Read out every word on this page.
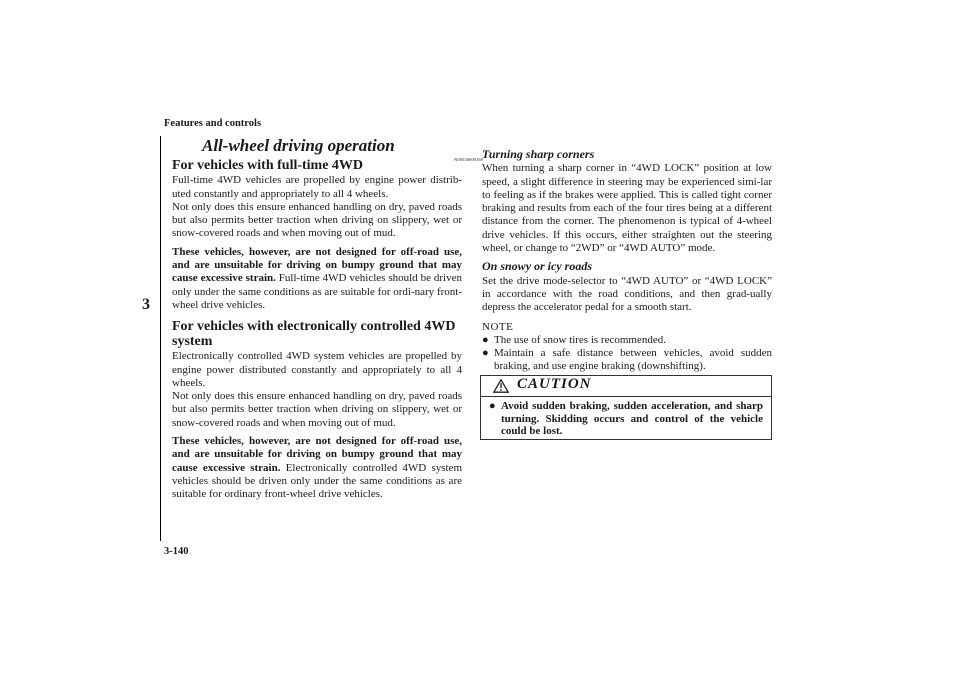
Features and controls
3
3-140

All-wheel driving operation
N00530600169

For vehicles with full-time 4WD

Full-time 4WD vehicles are propelled by engine power distrib-uted constantly and appropriately to all 4 wheels.

Not only does this ensure enhanced handling on dry, paved roads but also permits better traction when driving on slippery, wet or snow-covered roads and when moving out of mud.

These vehicles, however, are not designed for off-road use, and are unsuitable for driving on bumpy ground that may cause excessive strain. Full-time 4WD vehicles should be driven only under the same conditions as are suitable for ordi-nary front-wheel drive vehicles.

For vehicles with electronically controlled 4WD system

Electronically controlled 4WD system vehicles are propelled by engine power distributed constantly and appropriately to all 4 wheels.

Not only does this ensure enhanced handling on dry, paved roads but also permits better traction when driving on slippery, wet or snow-covered roads and when moving out of mud.

These vehicles, however, are not designed for off-road use, and are unsuitable for driving on bumpy ground that may cause excessive strain. Electronically controlled 4WD system vehicles should be driven only under the same conditions as are suitable for ordinary front-wheel drive vehicles.

Turning sharp corners

When turning a sharp corner in “4WD LOCK” position at low speed, a slight difference in steering may be experienced simi-lar to feeling as if the brakes were applied. This is called tight corner braking and results from each of the four tires being at a different distance from the corner. The phenomenon is typical of 4-wheel drive vehicles. If this occurs, either straighten out the steering wheel, or change to “2WD” or “4WD AUTO” mode.

On snowy or icy roads

Set the drive mode-selector to “4WD AUTO” or “4WD LOCK” in accordance with the road conditions, and then grad-ually depress the accelerator pedal for a smooth start.

NOTE

● The use of snow tires is recommended.
● Maintain a safe distance between vehicles, avoid sudden braking, and use engine braking (downshifting).
CAUTION
● Avoid sudden braking, sudden acceleration, and sharp turning. Skidding occurs and control of the vehicle could be lost.
